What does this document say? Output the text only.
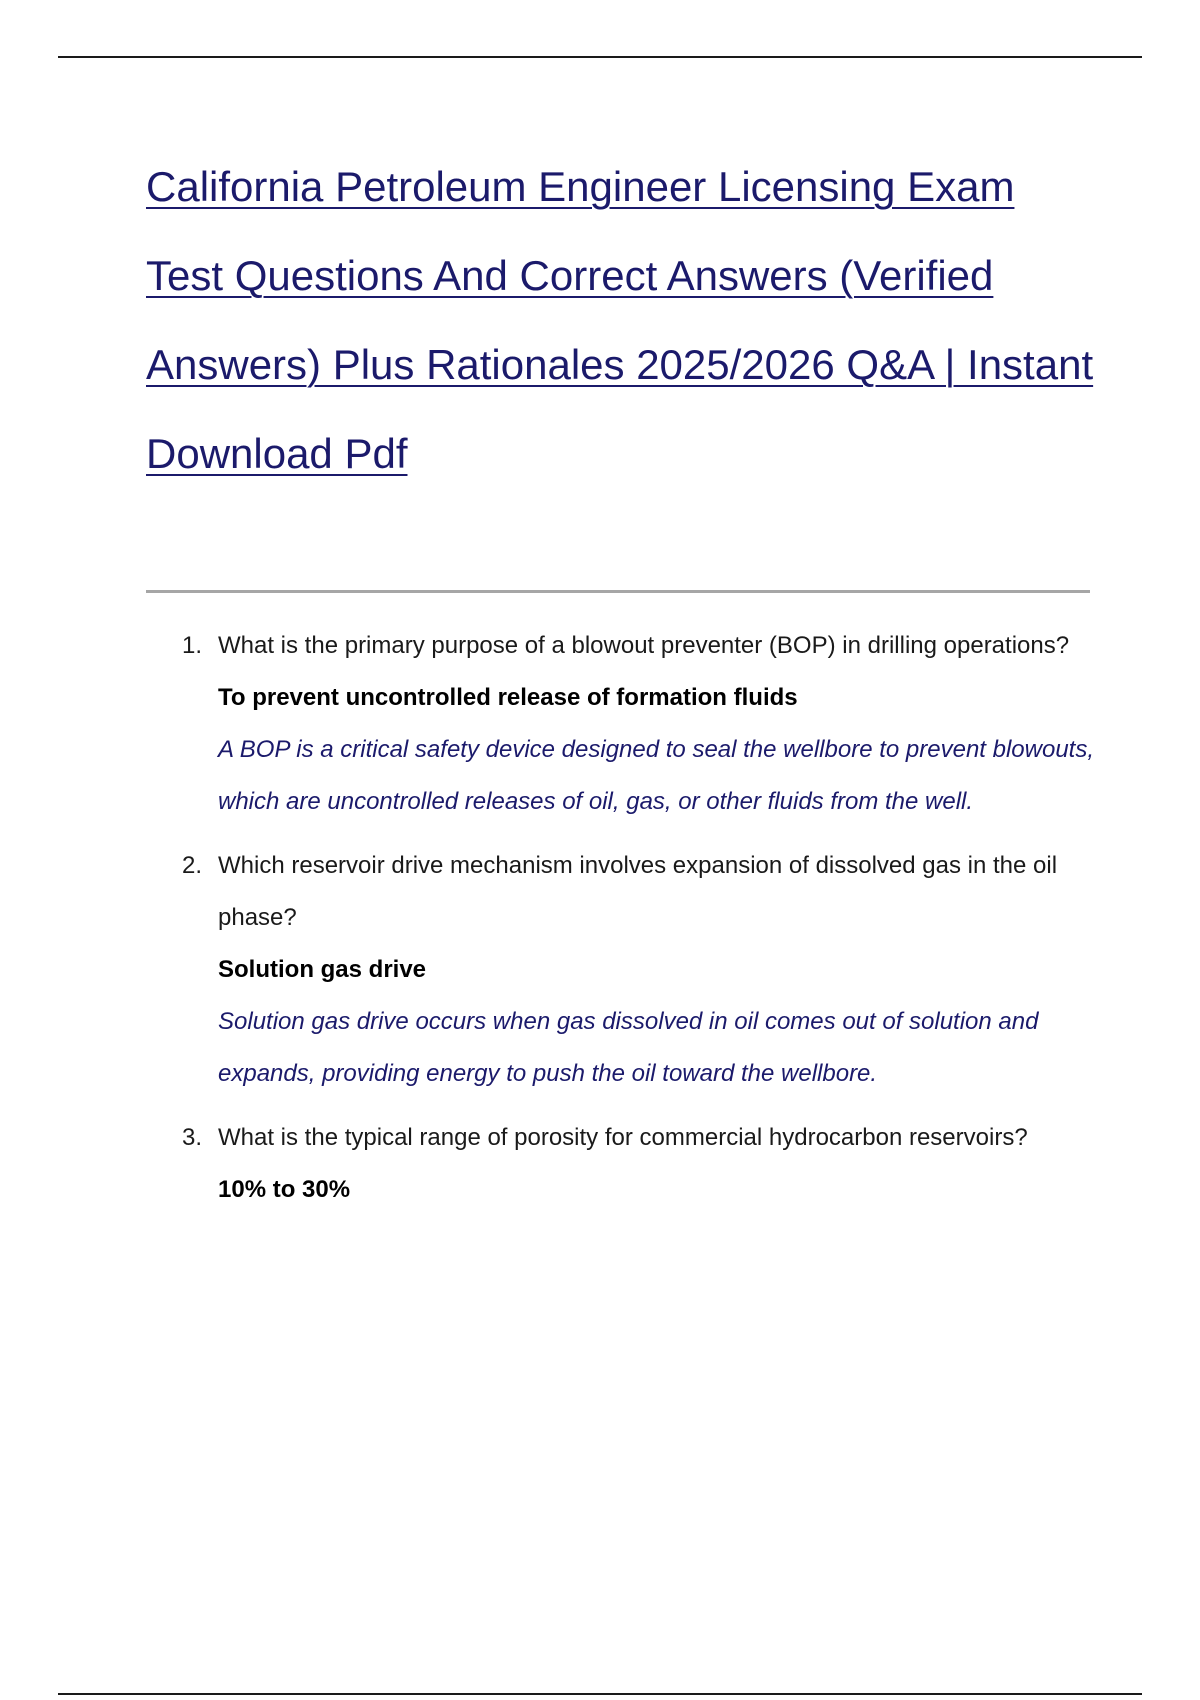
California Petroleum Engineer Licensing Exam Test Questions And Correct Answers (Verified Answers) Plus Rationales 2025/2026 Q&A | Instant Download Pdf
1. What is the primary purpose of a blowout preventer (BOP) in drilling operations?
To prevent uncontrolled release of formation fluids
A BOP is a critical safety device designed to seal the wellbore to prevent blowouts, which are uncontrolled releases of oil, gas, or other fluids from the well.
2. Which reservoir drive mechanism involves expansion of dissolved gas in the oil phase?
Solution gas drive
Solution gas drive occurs when gas dissolved in oil comes out of solution and expands, providing energy to push the oil toward the wellbore.
3. What is the typical range of porosity for commercial hydrocarbon reservoirs?
10% to 30%
